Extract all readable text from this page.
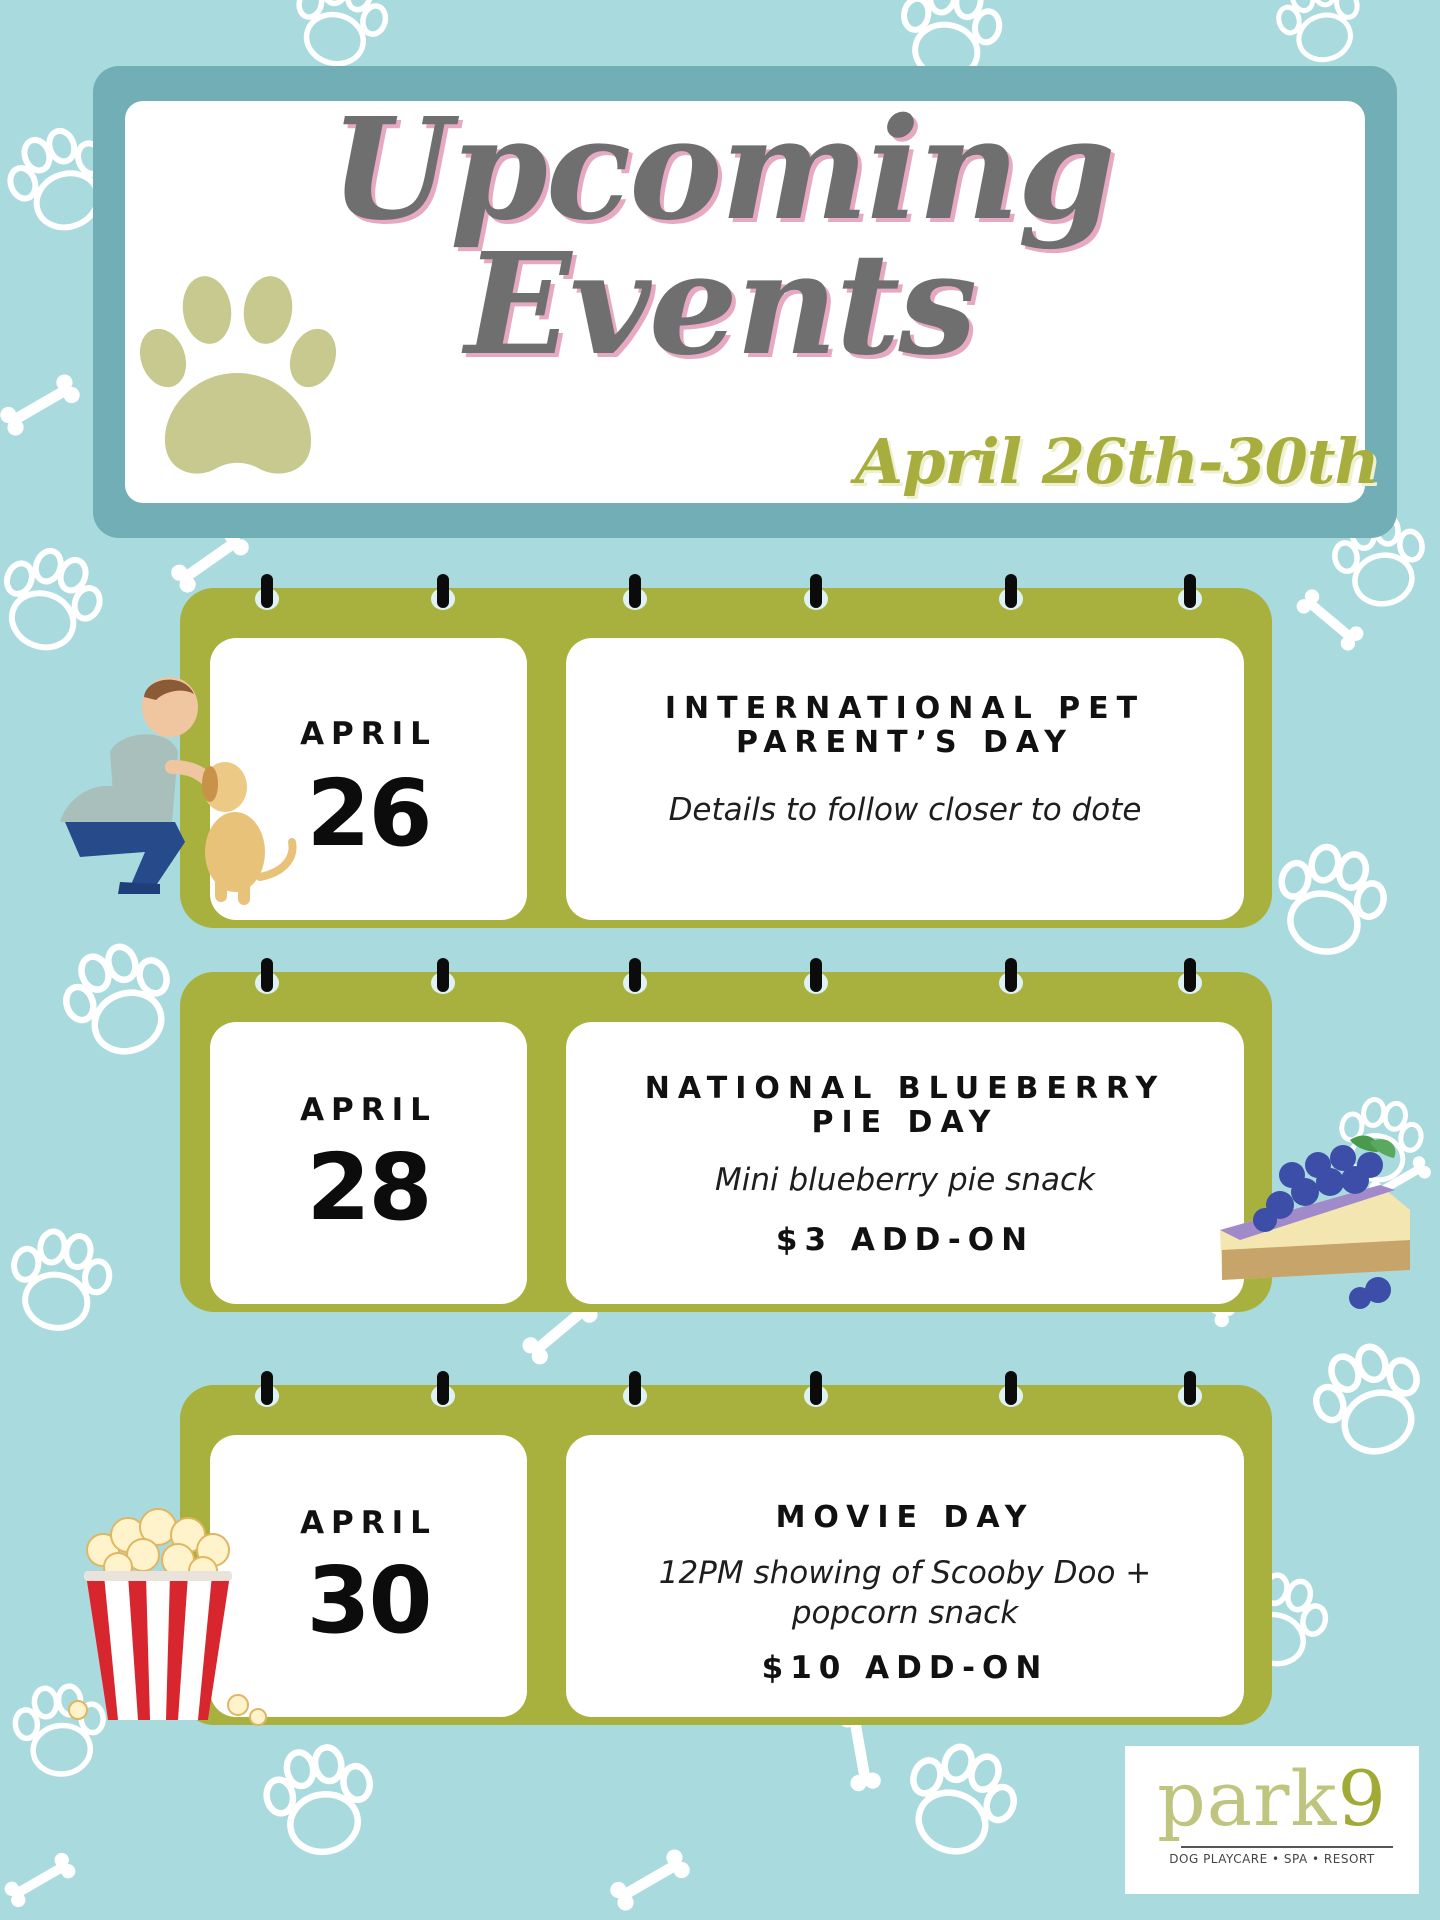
Upcoming
Events
April 26th-30th
APRIL
26
INTERNATIONAL PET
PARENT’S DAY
Details to follow closer to dote
APRIL
28
NATIONAL BLUEBERRY
PIE DAY
Mini blueberry pie snack
$3 ADD-ON
APRIL
30
MOVIE DAY
12PM showing of Scooby Doo +
popcorn snack
$10 ADD-ON
park9
DOG PLAYCARE • SPA • RESORT
